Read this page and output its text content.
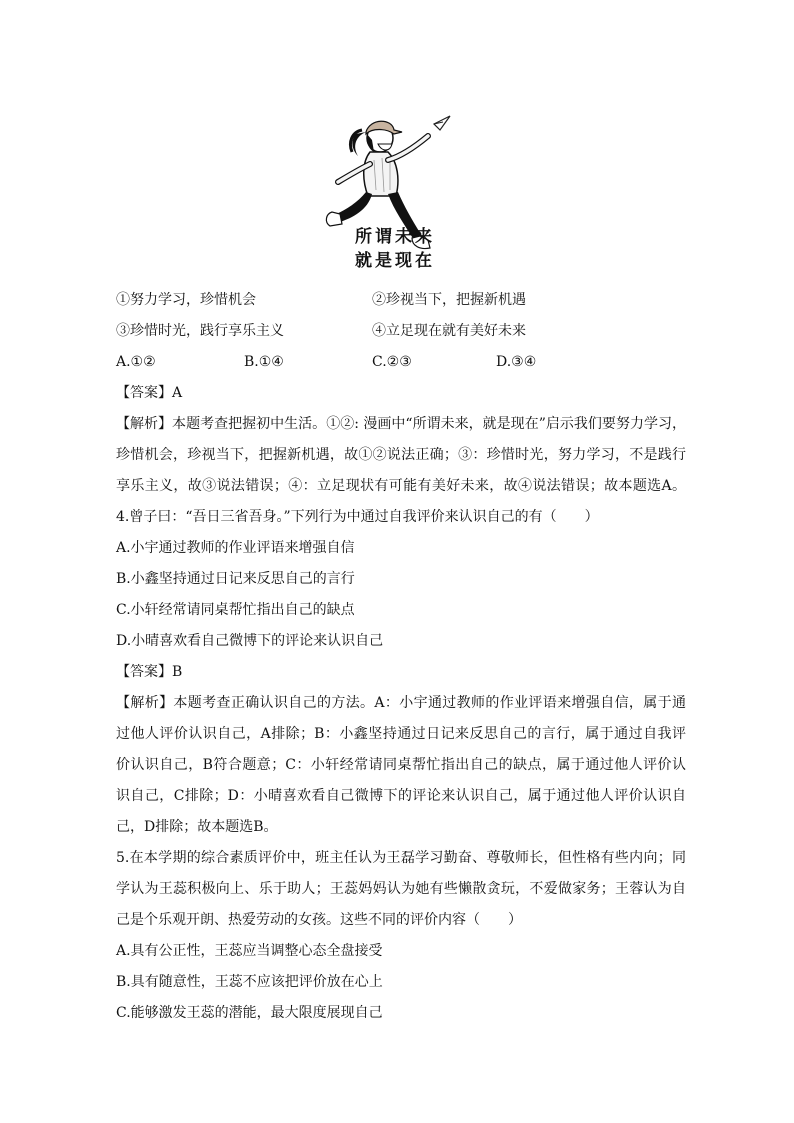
所谓未来
就是现在
①努力学习，珍惜机会	②珍视当下，把握新机遇
③珍惜时光，践行享乐主义	④立足现在就有美好未来
A.①②	B.①④	C.②③	D.③④
【答案】A
【解析】本题考查把握初中生活。①②: 漫画中“所谓未来，就是现在”启示我们要努力学习，
珍惜机会，珍视当下，把握新机遇，故①②说法正确；③：珍惜时光，努力学习，不是践行
享乐主义，故③说法错误；④：立足现状有可能有美好未来，故④说法错误；故本题选A。
4.曾子曰：“吾日三省吾身。”下列行为中通过自我评价来认识自己的有（　　）
A.小宇通过教师的作业评语来增强自信
B.小鑫坚持通过日记来反思自己的言行
C.小轩经常请同桌帮忙指出自己的缺点
D.小晴喜欢看自己微博下的评论来认识自己
【答案】B
【解析】本题考查正确认识自己的方法。A：小宇通过教师的作业评语来增强自信，属于通
过他人评价认识自己，A排除；B：小鑫坚持通过日记来反思自己的言行，属于通过自我评
价认识自己，B符合题意；C：小轩经常请同桌帮忙指出自己的缺点，属于通过他人评价认
识自己，C排除；D：小晴喜欢看自己微博下的评论来认识自己，属于通过他人评价认识自
己，D排除；故本题选B。
5.在本学期的综合素质评价中，班主任认为王磊学习勤奋、尊敬师长，但性格有些内向；同
学认为王蕊积极向上、乐于助人；王蕊妈妈认为她有些懒散贪玩，不爱做家务；王蓉认为自
己是个乐观开朗、热爱劳动的女孩。这些不同的评价内容（　　）
A.具有公正性，王蕊应当调整心态全盘接受
B.具有随意性，王蕊不应该把评价放在心上
C.能够激发王蕊的潜能，最大限度展现自己
